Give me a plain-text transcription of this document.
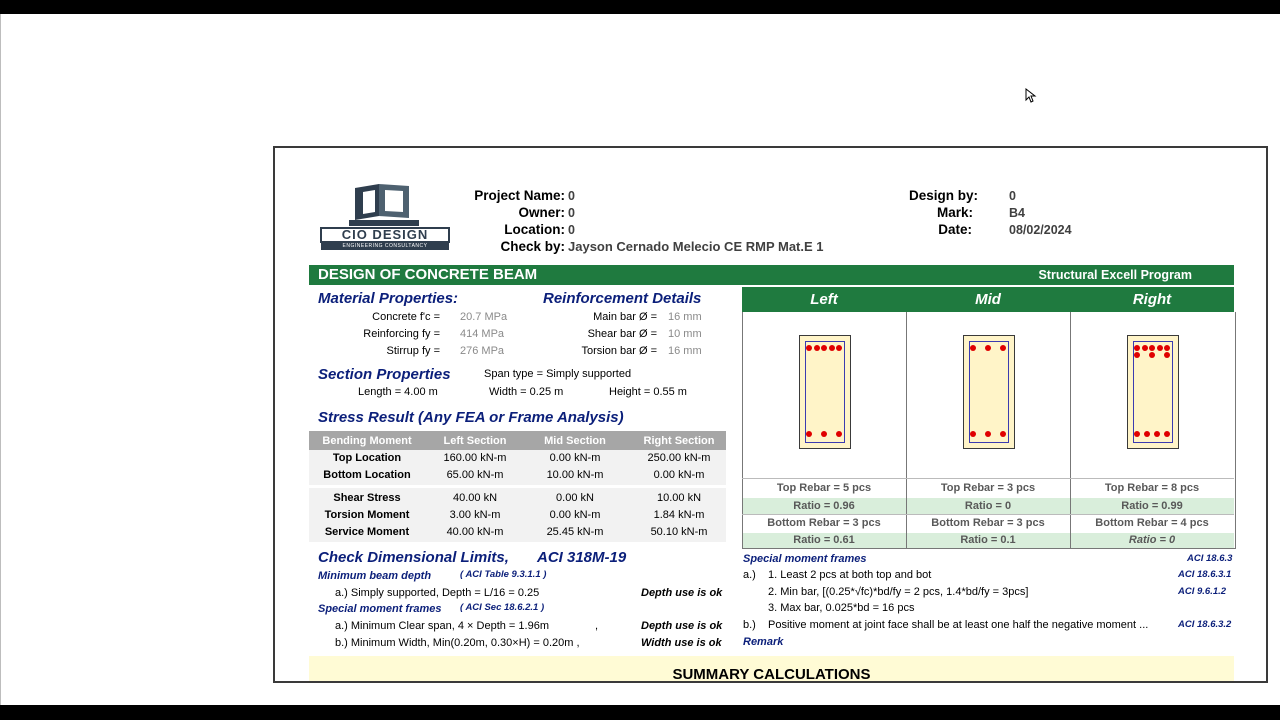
CIO DESIGN
ENGINEERING CONSULTANCY
Project Name: 0
Owner: 0
Location: 0
Check by: Jayson Cernado Melecio CE RMP Mat.E 1
Design by:	0
Mark:	B4
Date:	08/02/2024
DESIGN OF CONCRETE BEAM	Structural Excell Program
Material Properties:
Concrete f'c = 20.7 MPa
Reinforcing fy = 414 MPa
Stirrup fy = 276 MPa
Reinforcement Details
Main bar Ø = 16 mm
Shear bar Ø = 10 mm
Torsion bar Ø = 16 mm
Section Properties	Span type = Simply supported
Length = 4.00 m	Width = 0.25 m	Height = 0.55 m
Stress Result (Any FEA or Frame Analysis)
Bending Moment	Left Section	Mid Section	Right Section
Top Location	160.00 kN-m	0.00 kN-m	250.00 kN-m
Bottom Location	65.00 kN-m	10.00 kN-m	0.00 kN-m
Shear Stress	40.00 kN	0.00 kN	10.00 kN
Torsion Moment	3.00 kN-m	0.00 kN-m	1.84 kN-m
Service Moment	40.00 kN-m	25.45 kN-m	50.10 kN-m
Check Dimensional Limits, ACI 318M-19
Minimum beam depth	( ACI Table 9.3.1.1 )
a.) Simply supported, Depth = L/16 = 0.25	Depth use is ok
Special moment frames ( ACI Sec 18.6.2.1 )
a.) Minimum Clear span, 4 × Depth = 1.96m	,	Depth use is ok
b.) Minimum Width, Min(0.20m, 0.30×H) = 0.20m ,	Width use is ok
Left
Top Rebar = 5 pcs
Ratio = 0.96
Bottom Rebar = 3 pcs
Ratio = 0.61
Mid
Top Rebar = 3 pcs
Ratio = 0
Bottom Rebar = 3 pcs
Ratio = 0.1
Right
Top Rebar = 8 pcs
Ratio = 0.99
Bottom Rebar = 4 pcs
Ratio = 0
Special moment frames	ACI 18.6.3
a.) 1. Least 2 pcs at both top and bot	ACI 18.6.3.1
2. Min bar, [(0.25*√fc)*bd/fy = 2 pcs, 1.4*bd/fy = 3pcs]	ACI 9.6.1.2
3. Max bar, 0.025*bd = 16 pcs
b.) Positive moment at joint face shall be at least one half the negative moment ...	ACI 18.6.3.2
Remark
SUMMARY CALCULATIONS
